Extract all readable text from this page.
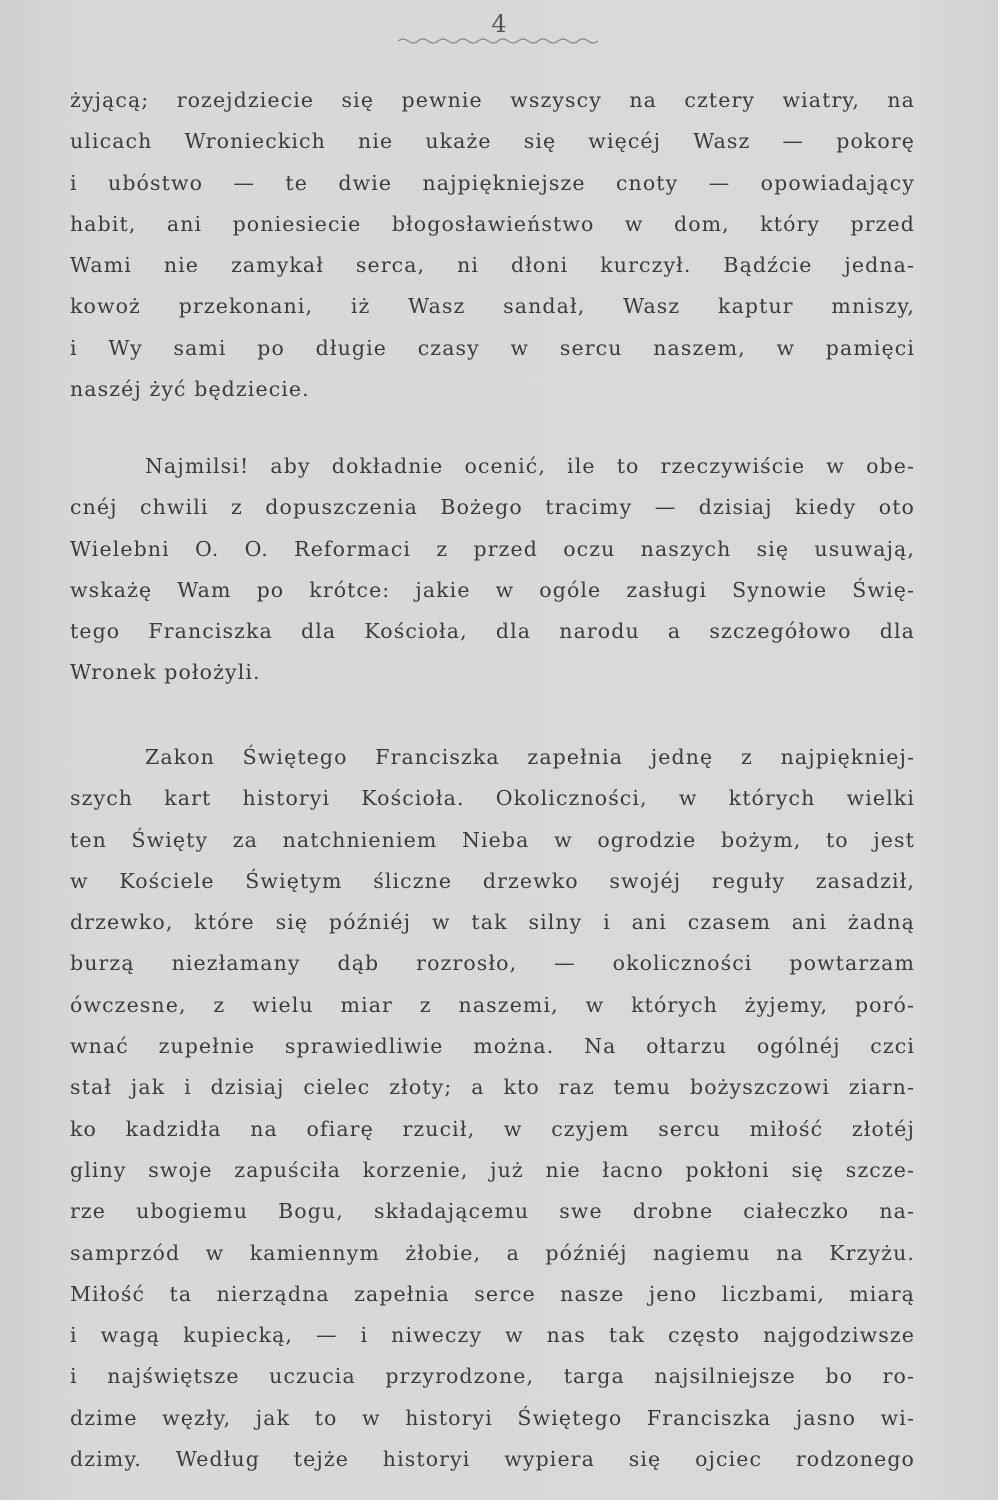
4
żyjącą; rozejdziecie się pewnie wszyscy na cztery wiatry, na
ulicach Wronieckich nie ukaże się więcéj Wasz — pokorę
i ubóstwo — te dwie najpiękniejsze cnoty — opowiadający
habit, ani poniesiecie błogosławieństwo w dom, który przed
Wami nie zamykał serca, ni dłoni kurczył. Bądźcie jedna-
kowoż przekonani, iż Wasz sandał, Wasz kaptur mniszy,
i Wy sami po długie czasy w sercu naszem, w pamięci
naszéj żyć będziecie.
Najmilsi! aby dokładnie ocenić, ile to rzeczywiście w obe-
cnéj chwili z dopuszczenia Bożego tracimy — dzisiaj kiedy oto
Wielebni O. O. Reformaci z przed oczu naszych się usuwają,
wskażę Wam po krótce: jakie w ogóle zasługi Synowie Świę-
tego Franciszka dla Kościoła, dla narodu a szczegółowo dla
Wronek położyli.
Zakon Świętego Franciszka zapełnia jednę z najpiękniej-
szych kart historyi Kościoła. Okoliczności, w których wielki
ten Święty za natchnieniem Nieba w ogrodzie bożym, to jest
w Kościele Świętym śliczne drzewko swojéj reguły zasadził,
drzewko, które się późniéj w tak silny i ani czasem ani żadną
burzą niezłamany dąb rozrosło, — okoliczności powtarzam
ówczesne, z wielu miar z naszemi, w których żyjemy, poró-
wnać zupełnie sprawiedliwie można. Na ołtarzu ogólnéj czci
stał jak i dzisiaj cielec złoty; a kto raz temu bożyszczowi ziarn-
ko kadzidła na ofiarę rzucił, w czyjem sercu miłość złotéj
gliny swoje zapuściła korzenie, już nie łacno pokłoni się szcze-
rze ubogiemu Bogu, składającemu swe drobne ciałeczko na-
samprzód w kamiennym żłobie, a późniéj nagiemu na Krzyżu.
Miłość ta nierządna zapełnia serce nasze jeno liczbami, miarą
i wagą kupiecką, — i niweczy w nas tak często najgodziwsze
i najświętsze uczucia przyrodzone, targa najsilniejsze bo ro-
dzime węzły, jak to w historyi Świętego Franciszka jasno wi-
dzimy. Według tejże historyi wypiera się ojciec rodzonego
